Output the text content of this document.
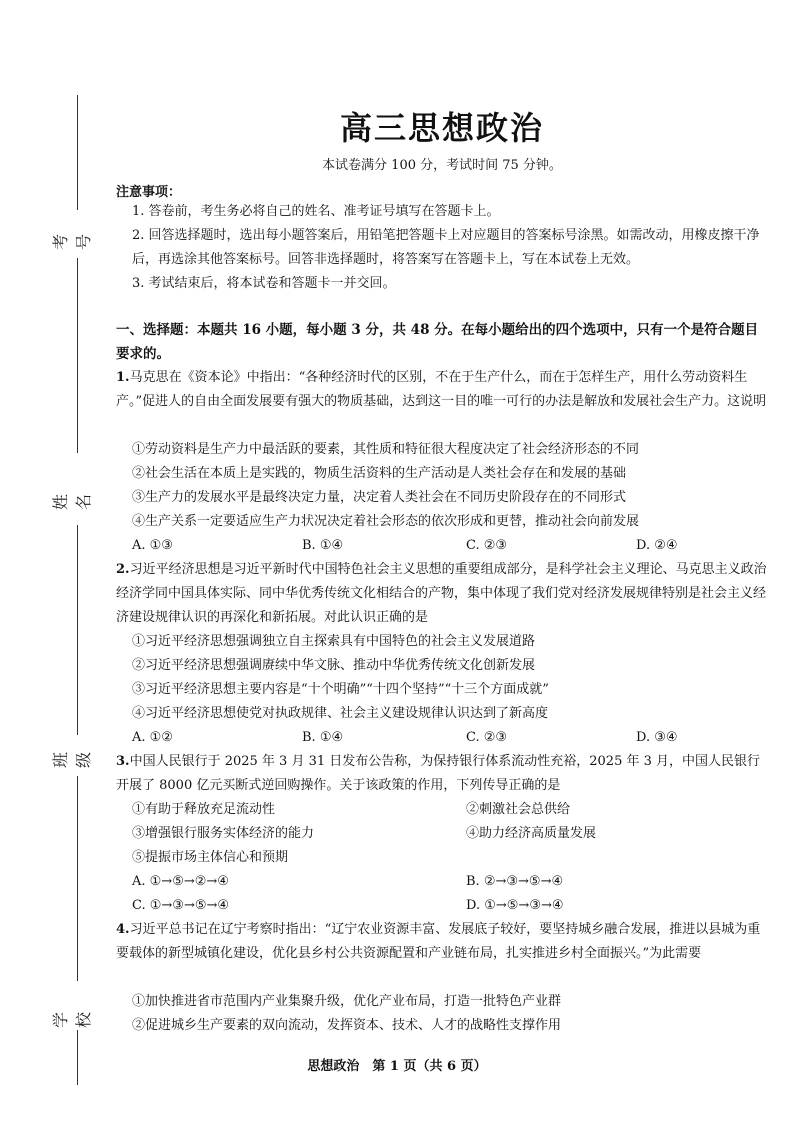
考号
姓名
班级
学校
高三思想政治
本试卷满分 100 分，考试时间 75 分钟。
注意事项：
1. 答卷前，考生务必将自己的姓名、准考证号填写在答题卡上。
2. 回答选择题时，选出每小题答案后，用铅笔把答题卡上对应题目的答案标号涂黑。如需改动，用橡皮擦干净后，再选涂其他答案标号。回答非选择题时，将答案写在答题卡上，写在本试卷上无效。
3. 考试结束后，将本试卷和答题卡一并交回。
一、选择题：本题共 16 小题，每小题 3 分，共 48 分。在每小题给出的四个选项中，只有一个是符合题目要求的。
1.马克思在《资本论》中指出：“各种经济时代的区别，不在于生产什么，而在于怎样生产，用什么劳动资料生产。”促进人的自由全面发展要有强大的物质基础，达到这一目的唯一可行的办法是解放和发展社会生产力。这说明
①劳动资料是生产力中最活跃的要素，其性质和特征很大程度决定了社会经济形态的不同
②社会生活在本质上是实践的，物质生活资料的生产活动是人类社会存在和发展的基础
③生产力的发展水平是最终决定力量，决定着人类社会在不同历史阶段存在的不同形式
④生产关系一定要适应生产力状况决定着社会形态的依次形成和更替，推动社会向前发展
A. ①③	B. ①④	C. ②③	D. ②④
2.习近平经济思想是习近平新时代中国特色社会主义思想的重要组成部分，是科学社会主义理论、马克思主义政治经济学同中国具体实际、同中华优秀传统文化相结合的产物，集中体现了我们党对经济发展规律特别是社会主义经济建设规律认识的再深化和新拓展。对此认识正确的是
①习近平经济思想强调独立自主探索具有中国特色的社会主义发展道路
②习近平经济思想强调赓续中华文脉、推动中华优秀传统文化创新发展
③习近平经济思想主要内容是“十个明确”“十四个坚持”“十三个方面成就”
④习近平经济思想使党对执政规律、社会主义建设规律认识达到了新高度
A. ①②	B. ①④	C. ②③	D. ③④
3.中国人民银行于 2025 年 3 月 31 日发布公告称，为保持银行体系流动性充裕，2025 年 3 月，中国人民银行开展了 8000 亿元买断式逆回购操作。关于该政策的作用，下列传导正确的是
①有助于释放充足流动性	②刺激社会总供给
③增强银行服务实体经济的能力	④助力经济高质量发展
⑤提振市场主体信心和预期
A. ①→⑤→②→④	B. ②→③→⑤→④
C. ①→③→⑤→④	D. ①→⑤→③→④
4.习近平总书记在辽宁考察时指出：“辽宁农业资源丰富、发展底子较好，要坚持城乡融合发展，推进以县城为重要载体的新型城镇化建设，优化县乡村公共资源配置和产业链布局，扎实推进乡村全面振兴。”为此需要
①加快推进省市范围内产业集聚升级，优化产业布局，打造一批特色产业群
②促进城乡生产要素的双向流动，发挥资本、技术、人才的战略性支撑作用
思想政治　第 1 页（共 6 页）
